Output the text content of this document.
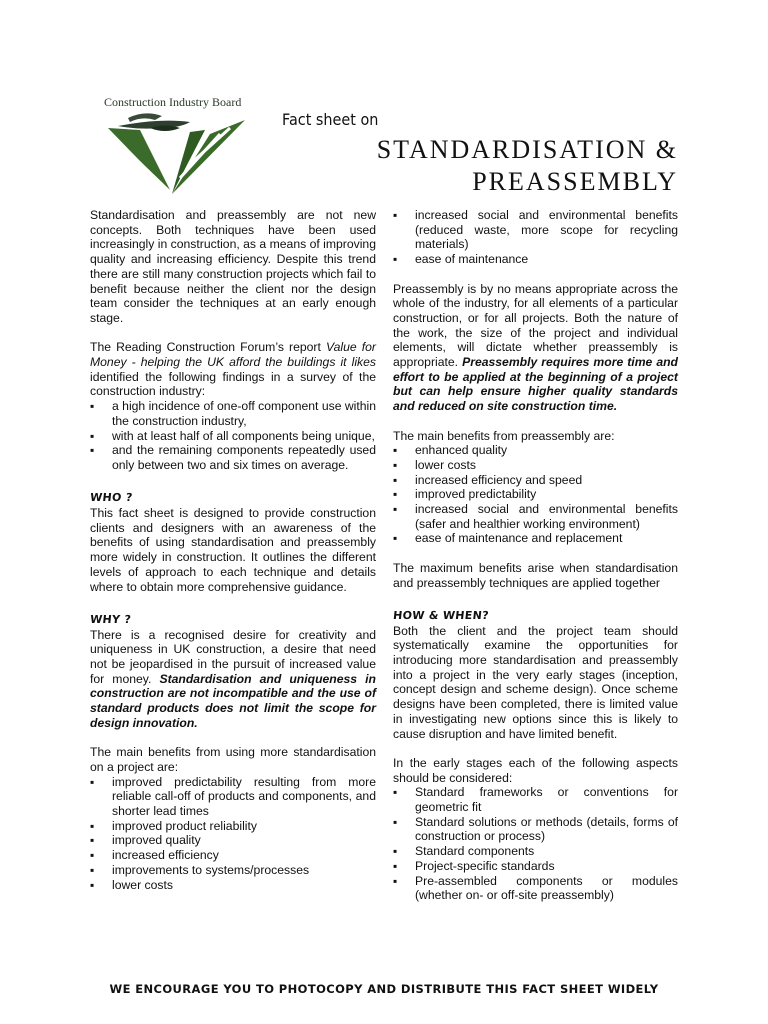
Construction Industry Board
Fact sheet on
STANDARDISATION &
PREASSEMBLY

Standardisation and preassembly are not new concepts. Both techniques have been used increasingly in construction, as a means of improving quality and increasing efficiency. Despite this trend there are still many construction projects which fail to benefit because neither the client nor the design team consider the techniques at an early enough stage.

The Reading Construction Forum’s report Value for Money - helping the UK afford the buildings it likes identified the following findings in a survey of the construction industry:

▪ a high incidence of one-off component use within the construction industry,
▪ with at least half of all components being unique,
▪ and the remaining components repeatedly used only between two and six times on average.
WHO ?

This fact sheet is designed to provide construction clients and designers with an awareness of the benefits of using standardisation and preassembly more widely in construction. It outlines the different levels of approach to each technique and details where to obtain more comprehensive guidance.

WHY ?

There is a recognised desire for creativity and uniqueness in UK construction, a desire that need not be jeopardised in the pursuit of increased value for money. Standardisation and uniqueness in construction are not incompatible and the use of standard products does not limit the scope for design innovation.

The main benefits from using more standardisation on a project are:

▪ improved predictability resulting from more reliable call-off of products and components, and shorter lead times
▪ improved product reliability
▪ improved quality
▪ increased efficiency
▪ improvements to systems/processes
▪ lower costs
▪ increased social and environmental benefits (reduced waste, more scope for recycling materials)
▪ ease of maintenance

Preassembly is by no means appropriate across the whole of the industry, for all elements of a particular construction, or for all projects. Both the nature of the work, the size of the project and individual elements, will dictate whether preassembly is appropriate. Preassembly requires more time and effort to be applied at the beginning of a project but can help ensure higher quality standards and reduced on site construction time.

The main benefits from preassembly are:

▪ enhanced quality
▪ lower costs
▪ increased efficiency and speed
▪ improved predictability
▪ increased social and environmental benefits (safer and healthier working environment)
▪ ease of maintenance and replacement

The maximum benefits arise when standardisation and preassembly techniques are applied together

HOW & WHEN?

Both the client and the project team should systematically examine the opportunities for introducing more standardisation and preassembly into a project in the very early stages (inception, concept design and scheme design). Once scheme designs have been completed, there is limited value in investigating new options since this is likely to cause disruption and have limited benefit.

In the early stages each of the following aspects should be considered:

▪ Standard frameworks or conventions for geometric fit
▪ Standard solutions or methods (details, forms of construction or process)
▪ Standard components
▪ Project-specific standards
▪ Pre-assembled components or modules (whether on- or off-site preassembly)
WE ENCOURAGE YOU TO PHOTOCOPY AND DISTRIBUTE THIS FACT SHEET WIDELY
